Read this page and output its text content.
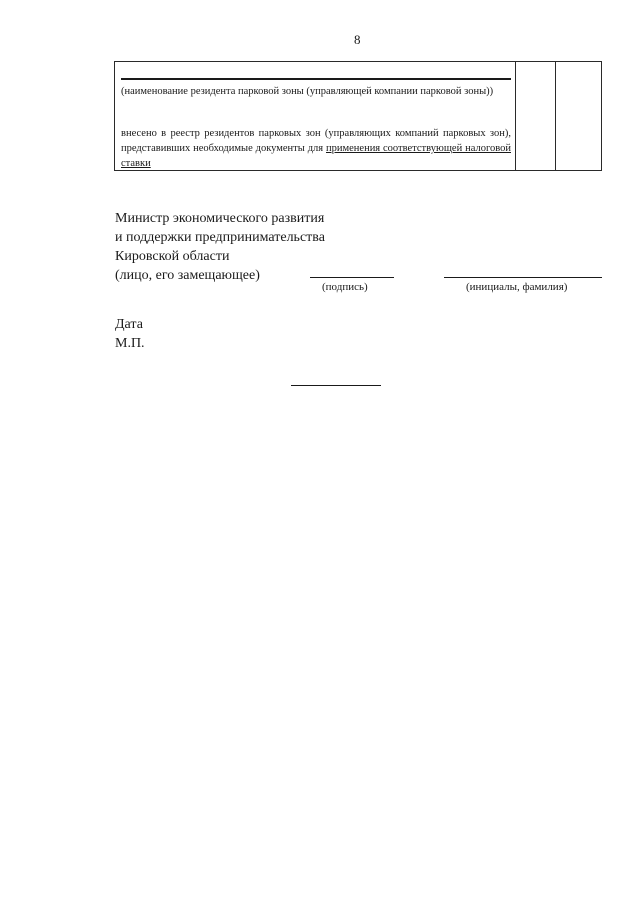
8
(наименование резидента парковой зоны (управляющей компании парковой зоны))
внесено в реестр резидентов парковых зон (управляющих компаний парковых зон), представивших необходимые документы для применения соответствующей налоговой ставки
Министр экономического развития
и поддержки предпринимательства
Кировской области
(лицо, его замещающее)
(подпись)	(инициалы, фамилия)
Дата
М.П.
